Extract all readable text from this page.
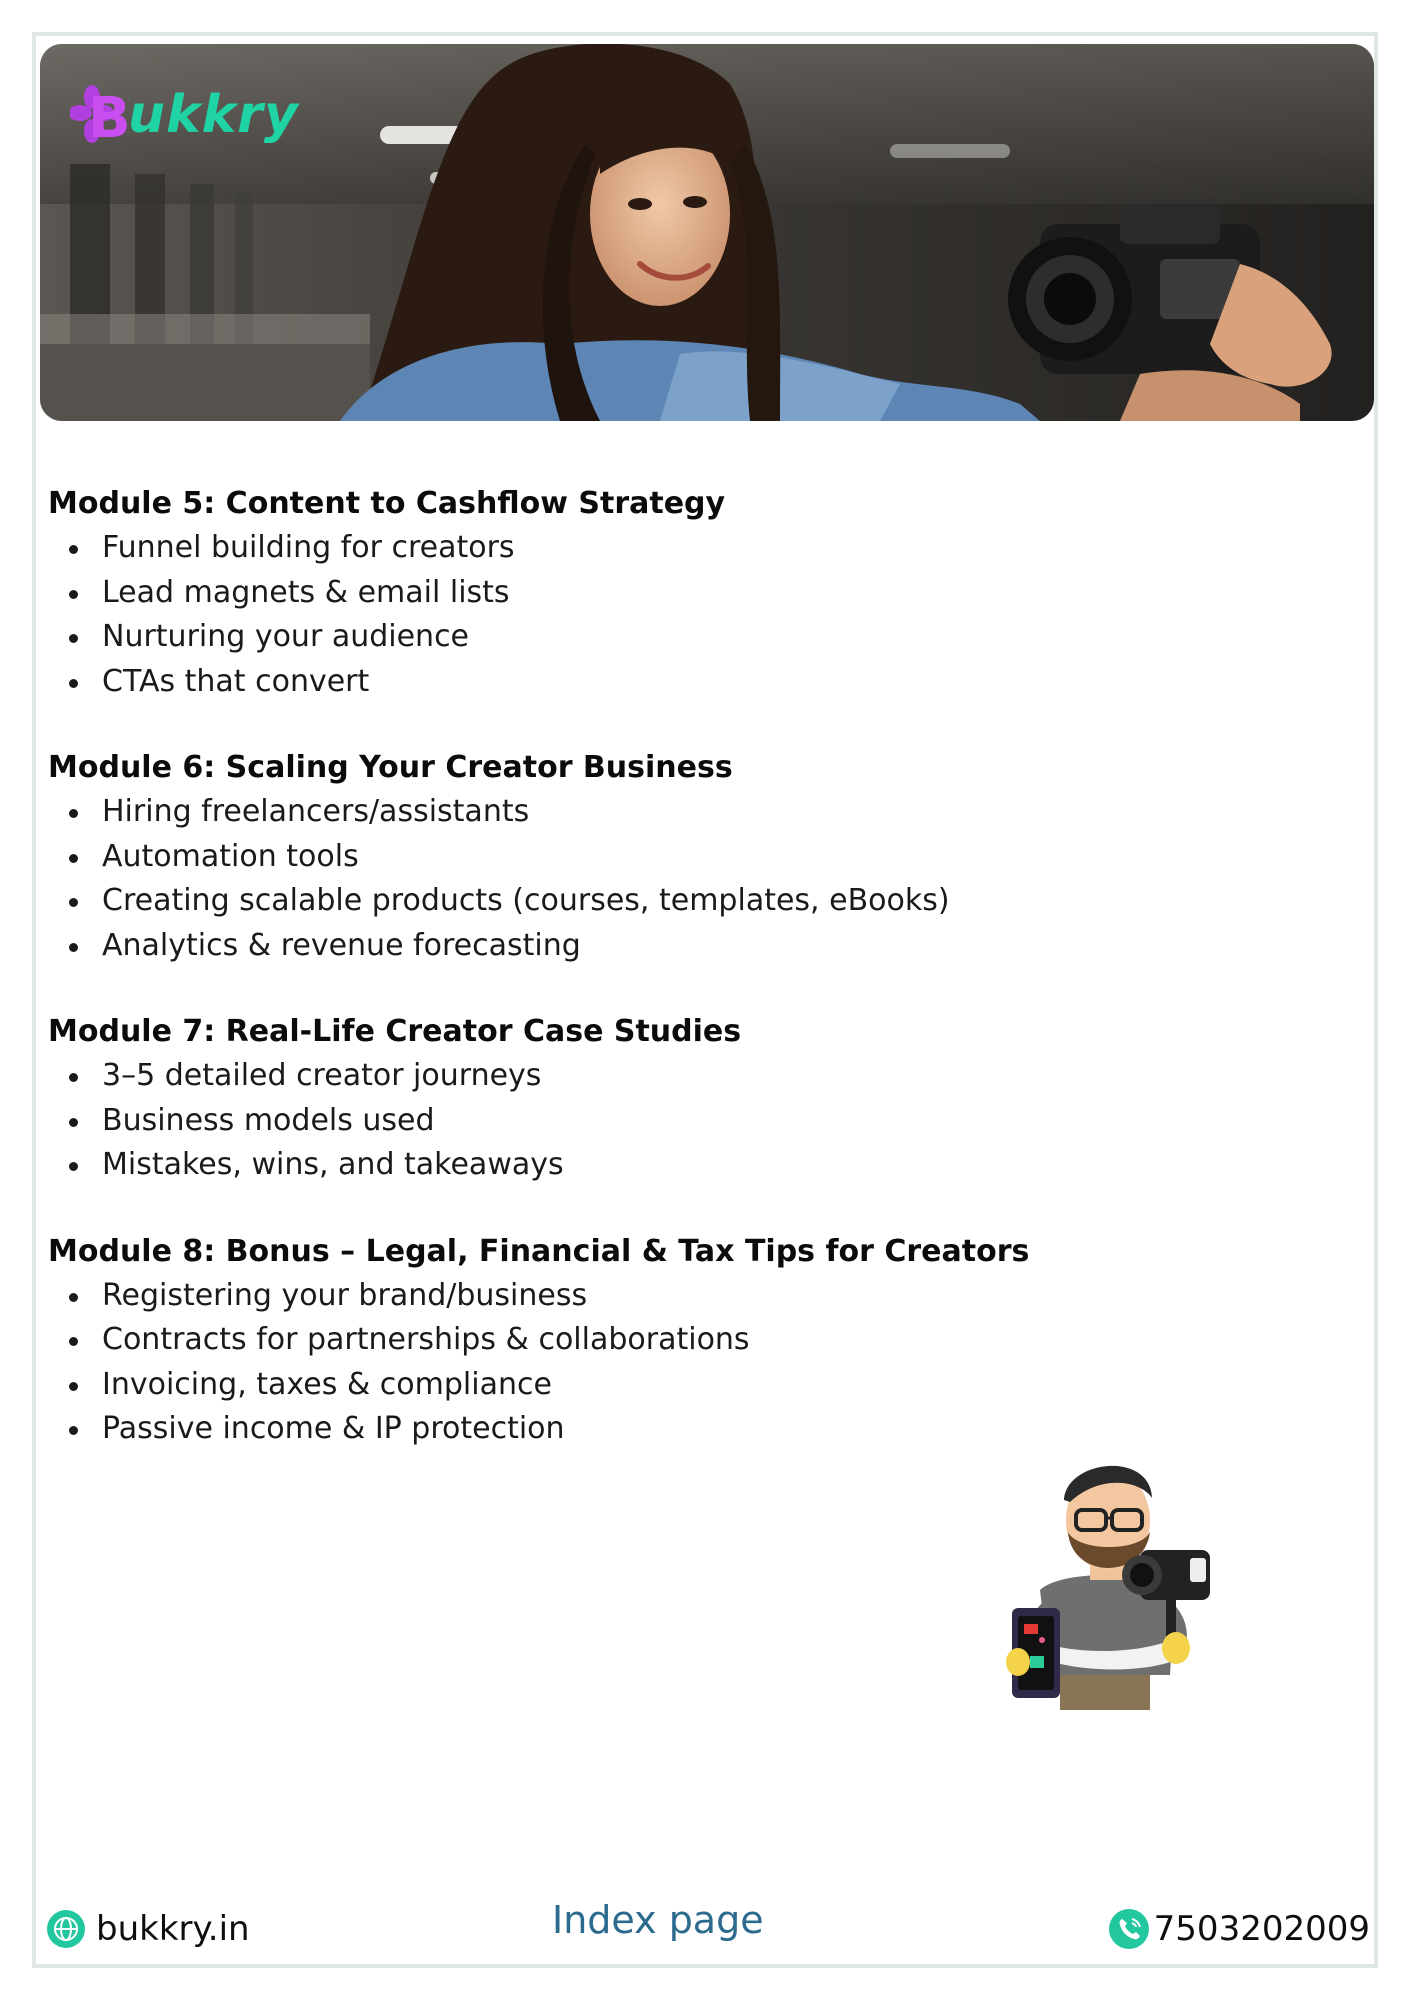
B
ukkry
Module 5: Content to Cashflow Strategy
Funnel building for creators
Lead magnets & email lists
Nurturing your audience
CTAs that convert
Module 6: Scaling Your Creator Business
Hiring freelancers/assistants
Automation tools
Creating scalable products (courses, templates, eBooks)
Analytics & revenue forecasting
Module 7: Real-Life Creator Case Studies
3–5 detailed creator journeys
Business models used
Mistakes, wins, and takeaways
Module 8: Bonus – Legal, Financial & Tax Tips for Creators
Registering your brand/business
Contracts for partnerships & collaborations
Invoicing, taxes & compliance
Passive income & IP protection
bukkry.in	Index page	7503202009
